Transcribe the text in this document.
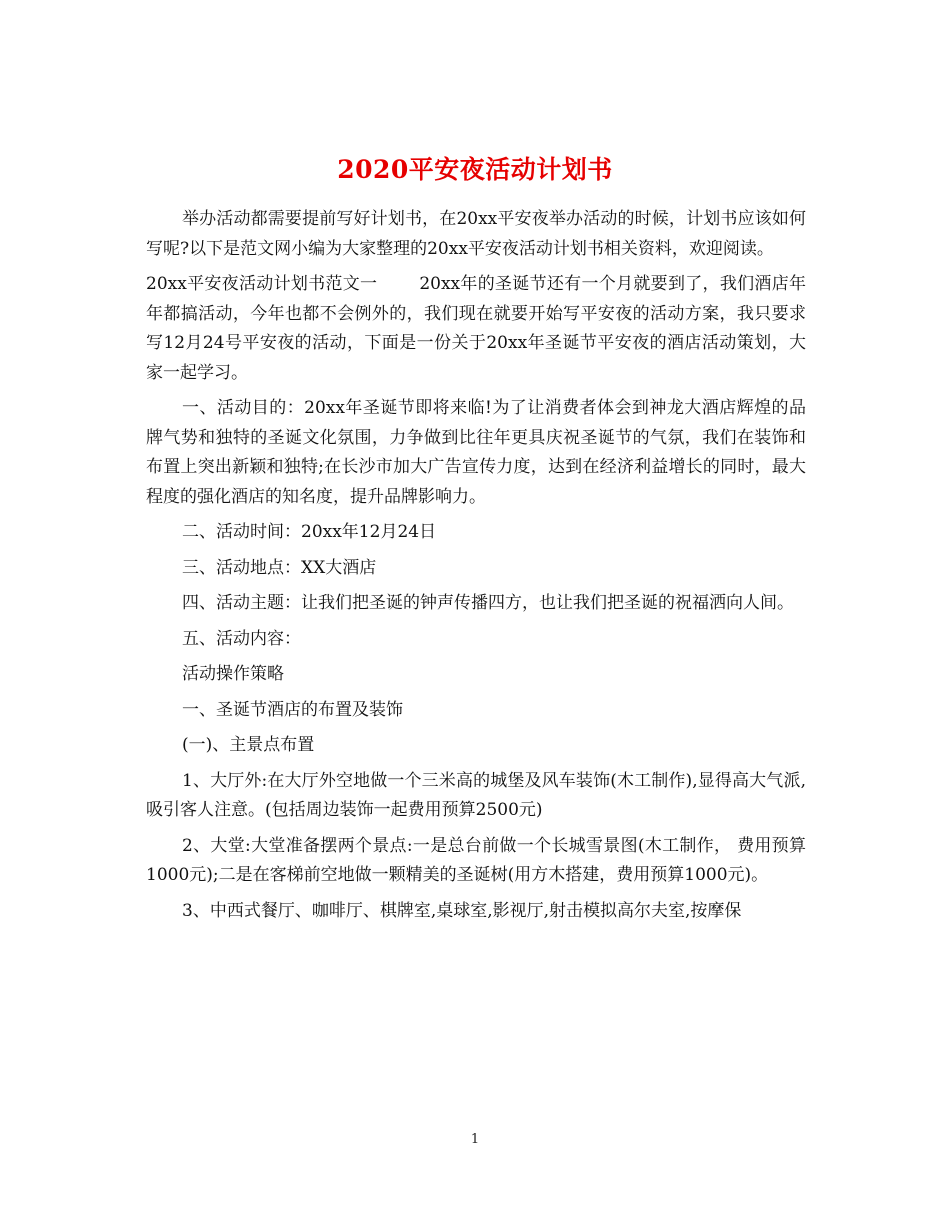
2020平安夜活动计划书

举办活动都需要提前写好计划书，在20xx平安夜举办活动的时候，计划书应该如何写呢?以下是范文网小编为大家整理的20xx平安夜活动计划书相关资料，欢迎阅读。

20xx平安夜活动计划书范文一 20xx年的圣诞节还有一个月就要到了，我们酒店年年都搞活动，今年也都不会例外的，我们现在就要开始写平安夜的活动方案，我只要求写12月24号平安夜的活动，下面是一份关于20xx年圣诞节平安夜的酒店活动策划，大家一起学习。

一、活动目的：20xx年圣诞节即将来临!为了让消费者体会到神龙大酒店辉煌的品牌气势和独特的圣诞文化氛围，力争做到比往年更具庆祝圣诞节的气氛，我们在装饰和布置上突出新颖和独特;在长沙市加大广告宣传力度，达到在经济利益增长的同时，最大程度的强化酒店的知名度，提升品牌影响力。

二、活动时间：20xx年12月24日

三、活动地点：XX大酒店

四、活动主题：让我们把圣诞的钟声传播四方，也让我们把圣诞的祝福洒向人间。

五、活动内容：

活动操作策略

一、圣诞节酒店的布置及装饰

(一)、主景点布置

1、大厅外:在大厅外空地做一个三米高的城堡及风车装饰(木工制作),显得高大气派,吸引客人注意。(包括周边装饰一起费用预算2500元)

2、大堂:大堂准备摆两个景点:一是总台前做一个长城雪景图(木工制作， 费用预算1000元);二是在客梯前空地做一颗精美的圣诞树(用方木搭建，费用预算1000元)。

3、中西式餐厅、咖啡厅、棋牌室,桌球室,影视厅,射击模拟高尔夫室,按摩保

1
